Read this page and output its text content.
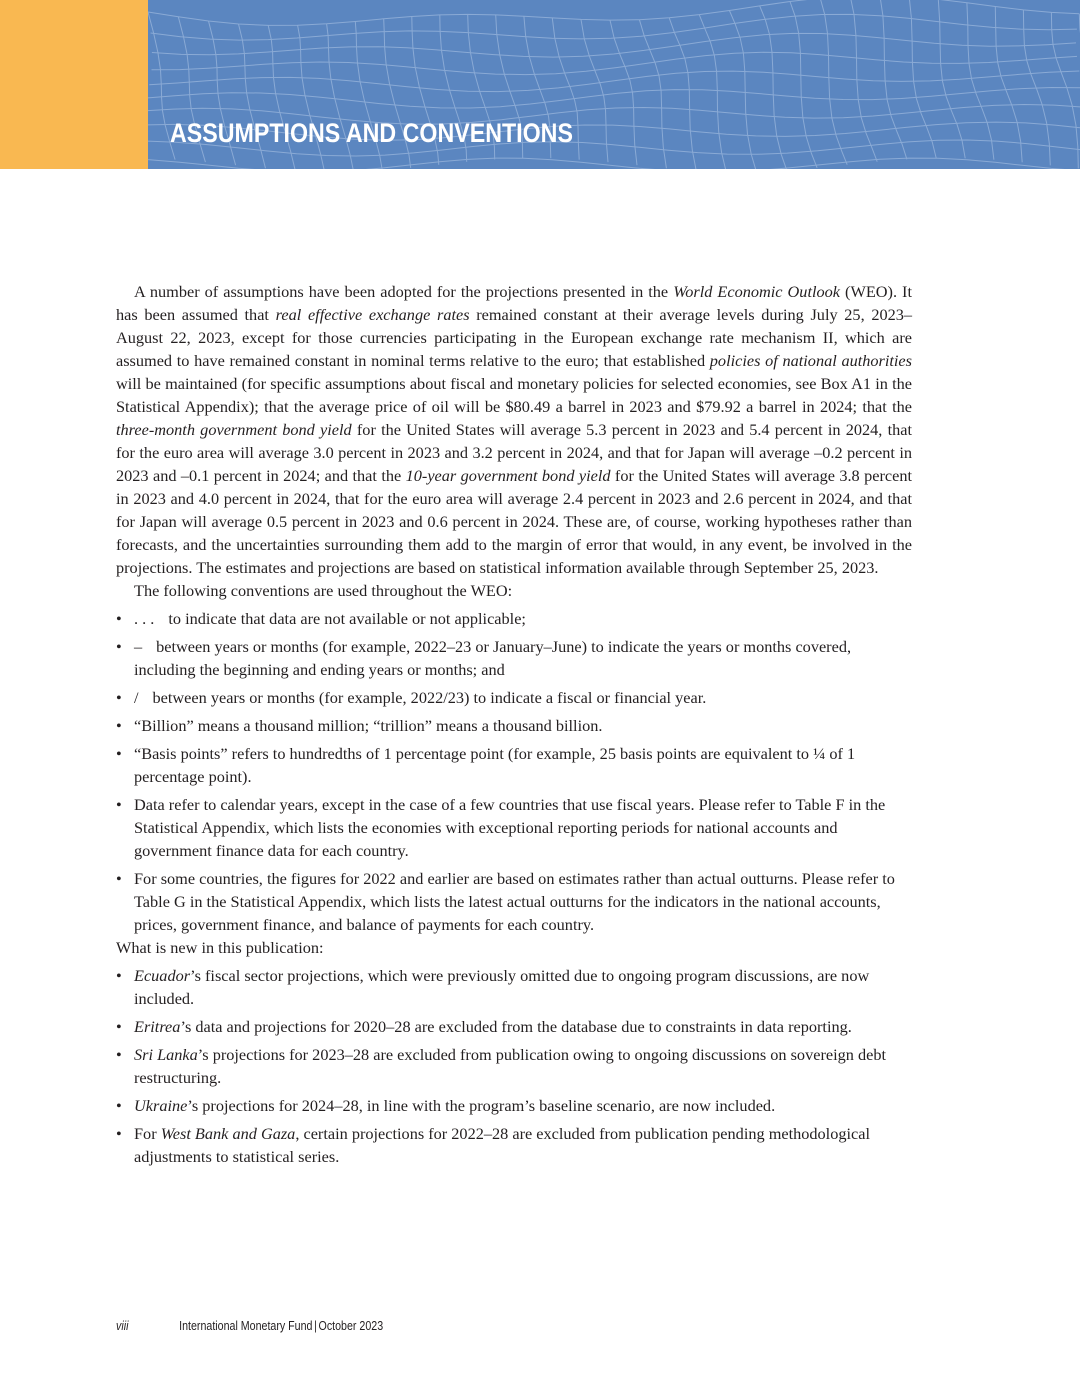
ASSUMPTIONS AND CONVENTIONS

A number of assumptions have been adopted for the projections presented in the World Economic Outlook (WEO). It has been assumed that real effective exchange rates remained constant at their average levels during July 25, 2023–August 22, 2023, except for those currencies participating in the European exchange rate mechanism II, which are assumed to have remained constant in nominal terms relative to the euro; that established policies of national authorities will be maintained (for specific assumptions about fiscal and monetary policies for selected economies, see Box A1 in the Statistical Appendix); that the average price of oil will be $80.49 a barrel in 2023 and $79.92 a barrel in 2024; that the three-month government bond yield for the United States will average 5.3 percent in 2023 and 5.4 percent in 2024, that for the euro area will average 3.0 percent in 2023 and 3.2 percent in 2024, and that for Japan will average –0.2 percent in 2023 and –0.1 percent in 2024; and that the 10-year government bond yield for the United States will average 3.8 percent in 2023 and 4.0 percent in 2024, that for the euro area will average 2.4 percent in 2023 and 2.6 percent in 2024, and that for Japan will average 0.5 percent in 2023 and 0.6 percent in 2024. These are, of course, working hypotheses rather than forecasts, and the uncertainties surrounding them add to the margin of error that would, in any event, be involved in the projections. The estimates and projections are based on statistical information available through September 25, 2023.

The following conventions are used throughout the WEO:

• . . . to indicate that data are not available or not applicable;
• – between years or months (for example, 2022–23 or January–June) to indicate the years or months covered, including the beginning and ending years or months; and
• / between years or months (for example, 2022/23) to indicate a fiscal or financial year.
• “Billion” means a thousand million; “trillion” means a thousand billion.
• “Basis points” refers to hundredths of 1 percentage point (for example, 25 basis points are equivalent to ¼ of 1 percentage point).
• Data refer to calendar years, except in the case of a few countries that use fiscal years. Please refer to Table F in the Statistical Appendix, which lists the economies with exceptional reporting periods for national accounts and government finance data for each country.
• For some countries, the figures for 2022 and earlier are based on estimates rather than actual outturns. Please refer to Table G in the Statistical Appendix, which lists the latest actual outturns for the indicators in the national accounts, prices, government finance, and balance of payments for each country.

What is new in this publication:

• Ecuador’s fiscal sector projections, which were previously omitted due to ongoing program discussions, are now included.
• Eritrea’s data and projections for 2020–28 are excluded from the database due to constraints in data reporting.
• Sri Lanka’s projections for 2023–28 are excluded from publication owing to ongoing discussions on sovereign debt restructuring.
• Ukraine’s projections for 2024–28, in line with the program’s baseline scenario, are now included.
• For West Bank and Gaza, certain projections for 2022–28 are excluded from publication pending methodological adjustments to statistical series.
viii	International Monetary Fund | October 2023
